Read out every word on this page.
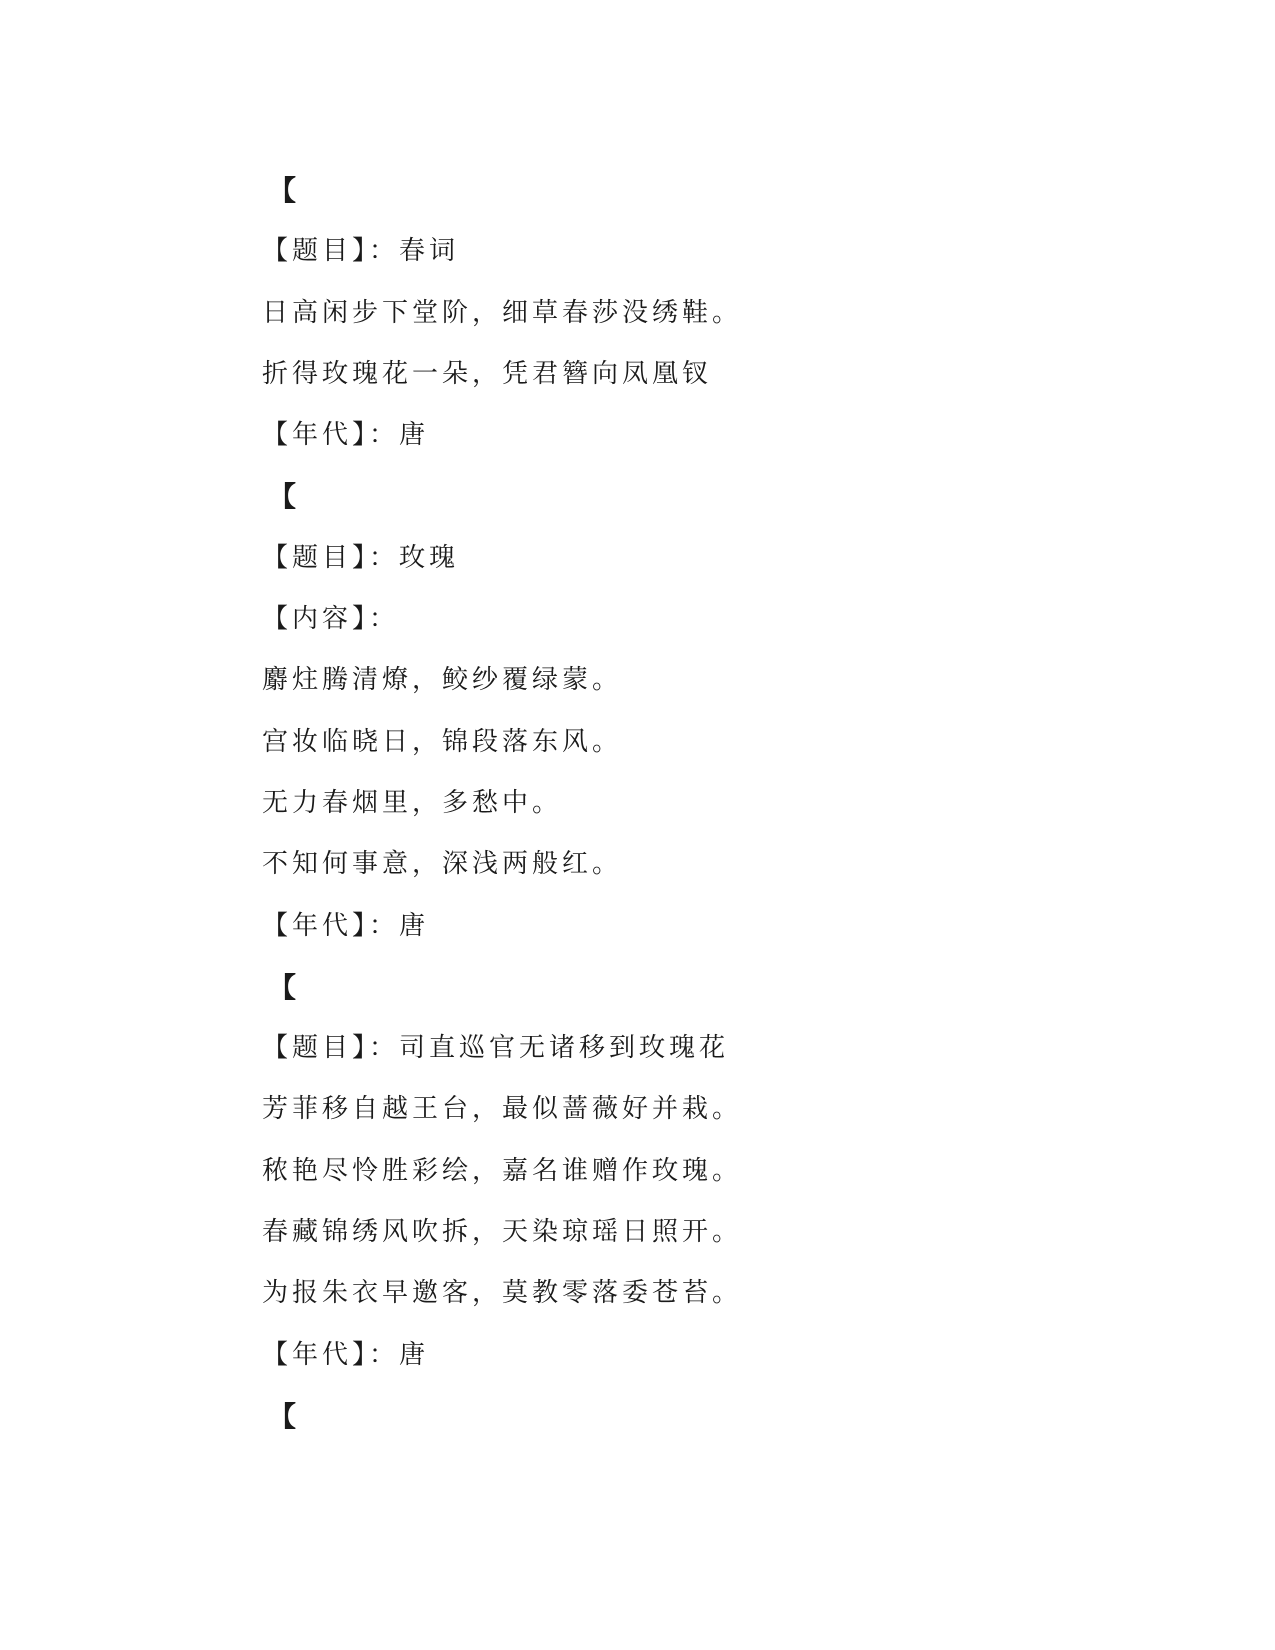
【
【题目】：春词
日高闲步下堂阶，细草春莎没绣鞋。
折得玫瑰花一朵，凭君簪向凤凰钗
【年代】：唐
【
【题目】：玫瑰
【内容】：
麝炷腾清燎，鲛纱覆绿蒙。
宫妆临晓日，锦段落东风。
无力春烟里，多愁中。
不知何事意，深浅两般红。
【年代】：唐
【
【题目】：司直巡官无诸移到玫瑰花
芳菲移自越王台，最似蔷薇好并栽。
秾艳尽怜胜彩绘，嘉名谁赠作玫瑰。
春藏锦绣风吹拆，天染琼瑶日照开。
为报朱衣早邀客，莫教零落委苍苔。
【年代】：唐
【
